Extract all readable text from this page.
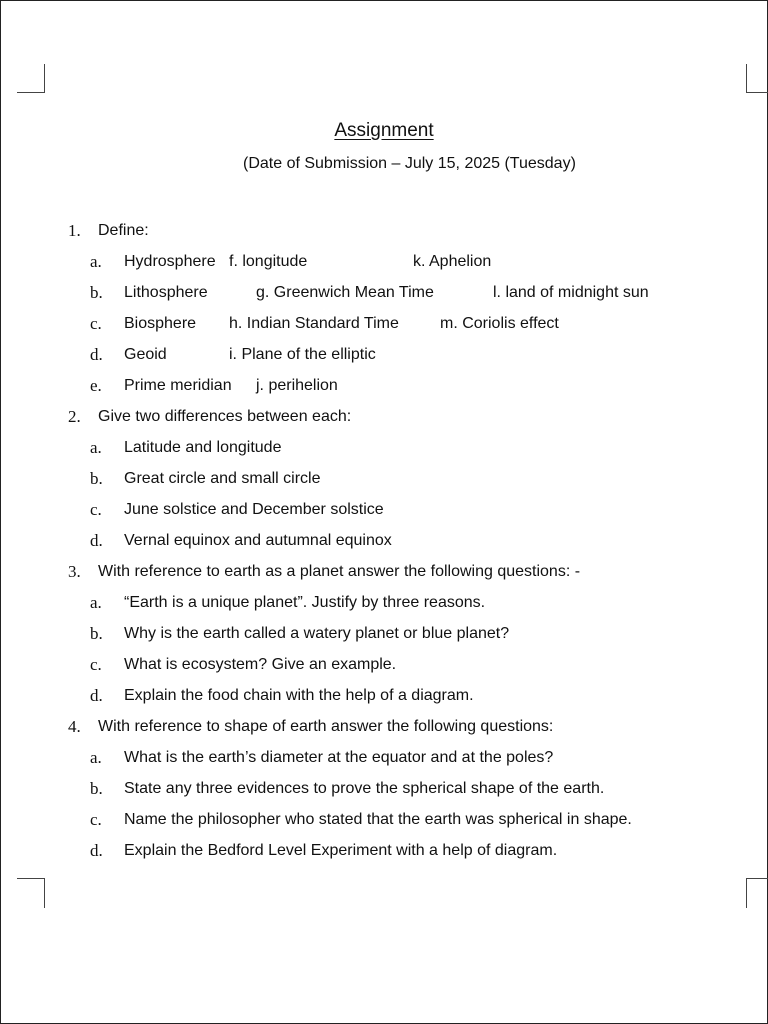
Assignment
(Date of Submission – July 15, 2025 (Tuesday)
1. Define:
a. Hydrosphere f. longitude	k. Aphelion
b. Lithosphere	g. Greenwich Mean Time	l. land of midnight sun
c. Biosphere h. Indian Standard Time	m. Coriolis effect
d. Geoid	i. Plane of the elliptic
e. Prime meridian j. perihelion
2. Give two differences between each:
a. Latitude and longitude
b. Great circle and small circle
c. June solstice and December solstice
d. Vernal equinox and autumnal equinox
3. With reference to earth as a planet answer the following questions: -
a. “Earth is a unique planet”. Justify by three reasons.
b. Why is the earth called a watery planet or blue planet?
c. What is ecosystem? Give an example.
d. Explain the food chain with the help of a diagram.
4. With reference to shape of earth answer the following questions:
a. What is the earth’s diameter at the equator and at the poles?
b. State any three evidences to prove the spherical shape of the earth.
c. Name the philosopher who stated that the earth was spherical in shape.
d. Explain the Bedford Level Experiment with a help of diagram.
